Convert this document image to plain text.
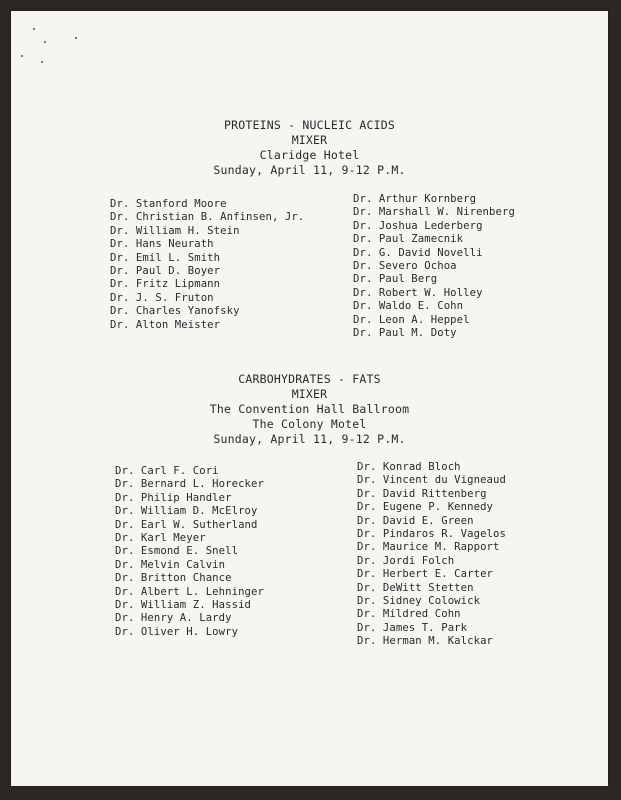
PROTEINS - NUCLEIC ACIDS
MIXER
Claridge Hotel
Sunday, April 11, 9-12 P.M.
Dr. Stanford Moore
Dr. Christian B. Anfinsen, Jr.
Dr. William H. Stein
Dr. Hans Neurath
Dr. Emil L. Smith
Dr. Paul D. Boyer
Dr. Fritz Lipmann
Dr. J. S. Fruton
Dr. Charles Yanofsky
Dr. Alton Meister
Dr. Arthur Kornberg
Dr. Marshall W. Nirenberg
Dr. Joshua Lederberg
Dr. Paul Zamecnik
Dr. G. David Novelli
Dr. Severo Ochoa
Dr. Paul Berg
Dr. Robert W. Holley
Dr. Waldo E. Cohn
Dr. Leon A. Heppel
Dr. Paul M. Doty
CARBOHYDRATES - FATS
MIXER
The Convention Hall Ballroom
The Colony Motel
Sunday, April 11, 9-12 P.M.
Dr. Carl F. Cori
Dr. Bernard L. Horecker
Dr. Philip Handler
Dr. William D. McElroy
Dr. Earl W. Sutherland
Dr. Karl Meyer
Dr. Esmond E. Snell
Dr. Melvin Calvin
Dr. Britton Chance
Dr. Albert L. Lehninger
Dr. William Z. Hassid
Dr. Henry A. Lardy
Dr. Oliver H. Lowry
Dr. Konrad Bloch
Dr. Vincent du Vigneaud
Dr. David Rittenberg
Dr. Eugene P. Kennedy
Dr. David E. Green
Dr. Pindaros R. Vagelos
Dr. Maurice M. Rapport
Dr. Jordi Folch
Dr. Herbert E. Carter
Dr. DeWitt Stetten
Dr. Sidney Colowick
Dr. Mildred Cohn
Dr. James T. Park
Dr. Herman M. Kalckar
